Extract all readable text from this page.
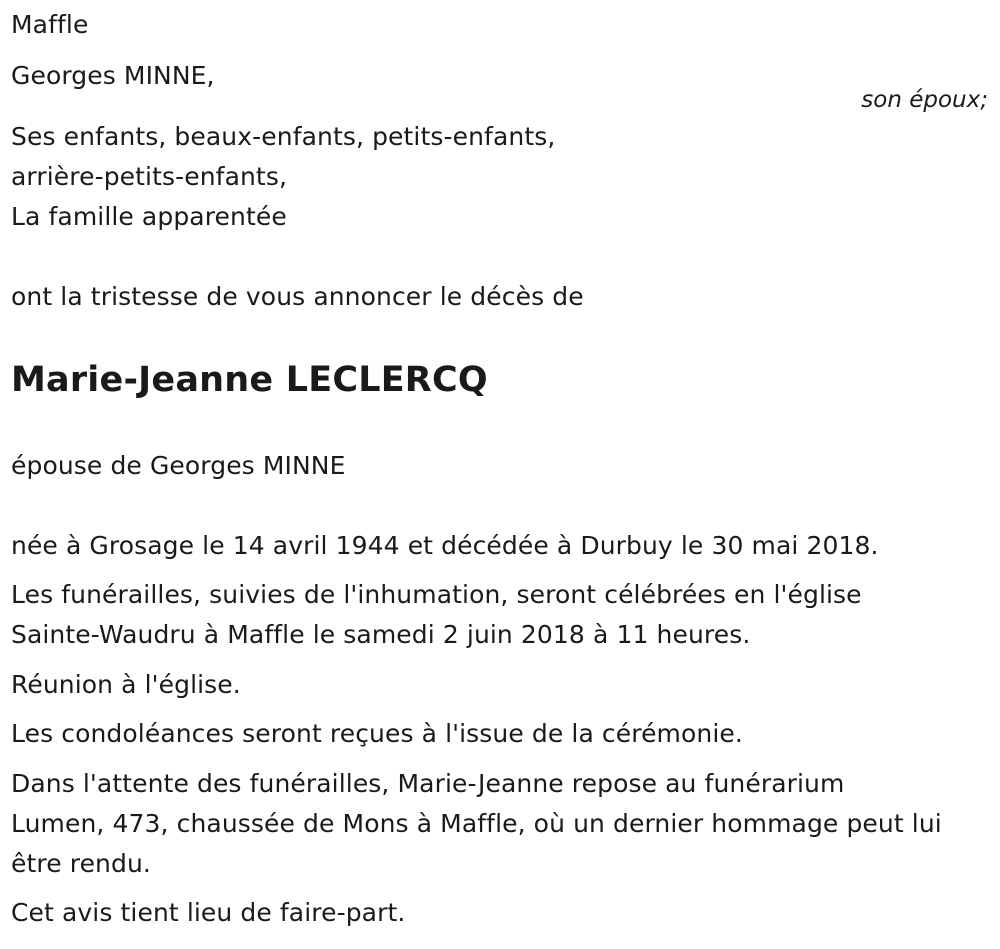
Maffle
Georges MINNE,
son époux;
Ses enfants, beaux-enfants, petits-enfants,
arrière-petits-enfants,
La famille apparentée
ont la tristesse de vous annoncer le décès de
Marie-Jeanne LECLERCQ
épouse de Georges MINNE
née à Grosage le 14 avril 1944 et décédée à Durbuy le 30 mai 2018.
Les funérailles, suivies de l'inhumation, seront célébrées en l'église
Sainte-Waudru à Maffle le samedi 2 juin 2018 à 11 heures.
Réunion à l'église.
Les condoléances seront reçues à l'issue de la cérémonie.
Dans l'attente des funérailles, Marie-Jeanne repose au funérarium
Lumen, 473, chaussée de Mons à Maffle, où un dernier hommage peut lui
être rendu.
Cet avis tient lieu de faire-part.
